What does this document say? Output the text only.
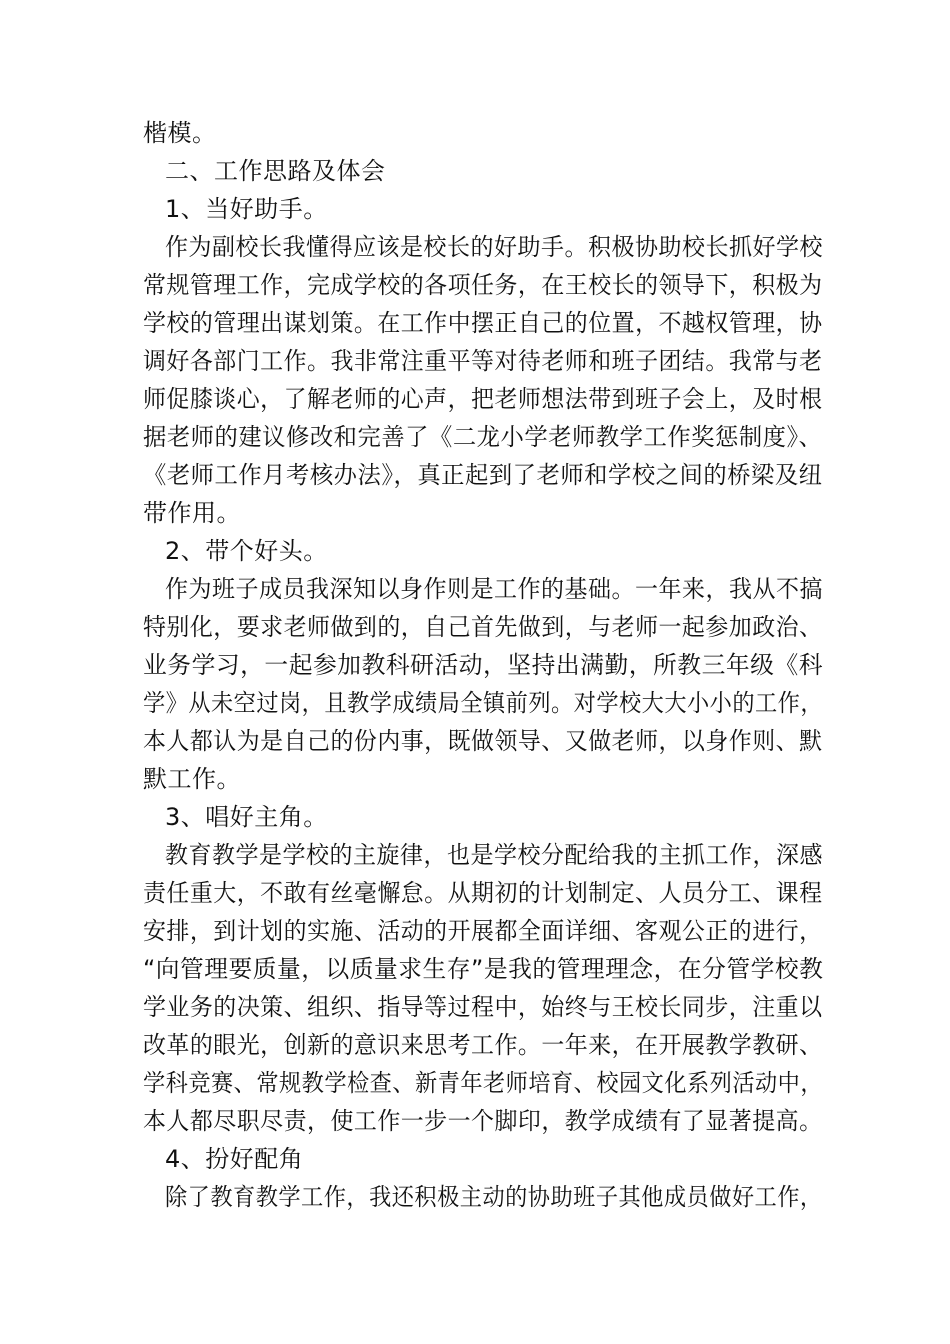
楷模。
二、工作思路及体会
1、当好助手。
作为副校长我懂得应该是校长的好助手。积极协助校长抓好学校
常规管理工作，完成学校的各项任务，在王校长的领导下，积极为
学校的管理出谋划策。在工作中摆正自己的位置，不越权管理，协
调好各部门工作。我非常注重平等对待老师和班子团结。我常与老
师促膝谈心，了解老师的心声，把老师想法带到班子会上，及时根
据老师的建议修改和完善了《二龙小学老师教学工作奖惩制度》、
《老师工作月考核办法》，真正起到了老师和学校之间的桥梁及纽
带作用。
2、带个好头。
作为班子成员我深知以身作则是工作的基础。一年来，我从不搞
特别化，要求老师做到的，自己首先做到，与老师一起参加政治、
业务学习，一起参加教科研活动，坚持出满勤，所教三年级《科
学》从未空过岗，且教学成绩局全镇前列。对学校大大小小的工作，
本人都认为是自己的份内事，既做领导、又做老师，以身作则、默
默工作。
3、唱好主角。
教育教学是学校的主旋律，也是学校分配给我的主抓工作，深感
责任重大，不敢有丝毫懈怠。从期初的计划制定、人员分工、课程
安排，到计划的实施、活动的开展都全面详细、客观公正的进行，
“向管理要质量，以质量求生存”是我的管理理念，在分管学校教
学业务的决策、组织、指导等过程中，始终与王校长同步，注重以
改革的眼光，创新的意识来思考工作。一年来，在开展教学教研、
学科竞赛、常规教学检查、新青年老师培育、校园文化系列活动中，
本人都尽职尽责，使工作一步一个脚印，教学成绩有了显著提高。
4、扮好配角
除了教育教学工作，我还积极主动的协助班子其他成员做好工作，
